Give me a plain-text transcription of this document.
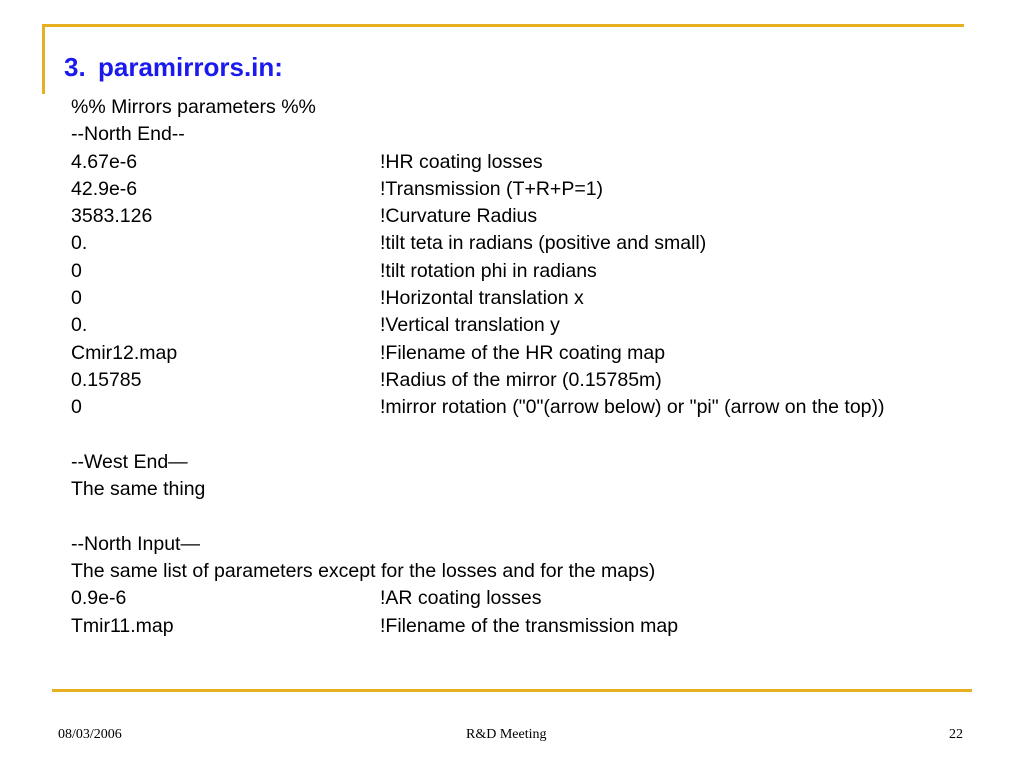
3. paramirrors.in:
%% Mirrors parameters %%
--North End--
4.67e-6	!HR coating losses
42.9e-6	!Transmission (T+R+P=1)
3583.126	!Curvature Radius
0.	!tilt teta in radians (positive and small)
0	!tilt rotation phi in radians
0	!Horizontal translation x
0.	!Vertical translation y
Cmir12.map	!Filename of the HR coating map
0.15785	!Radius of the mirror (0.15785m)
0	!mirror rotation ("0"(arrow below) or "pi" (arrow on the top))
--West End—
The same thing
--North Input—
The same list of parameters except for the losses and for the maps)
0.9e-6	!AR coating losses
Tmir11.map	!Filename of the transmission map
08/03/2006	R&D Meeting	22
